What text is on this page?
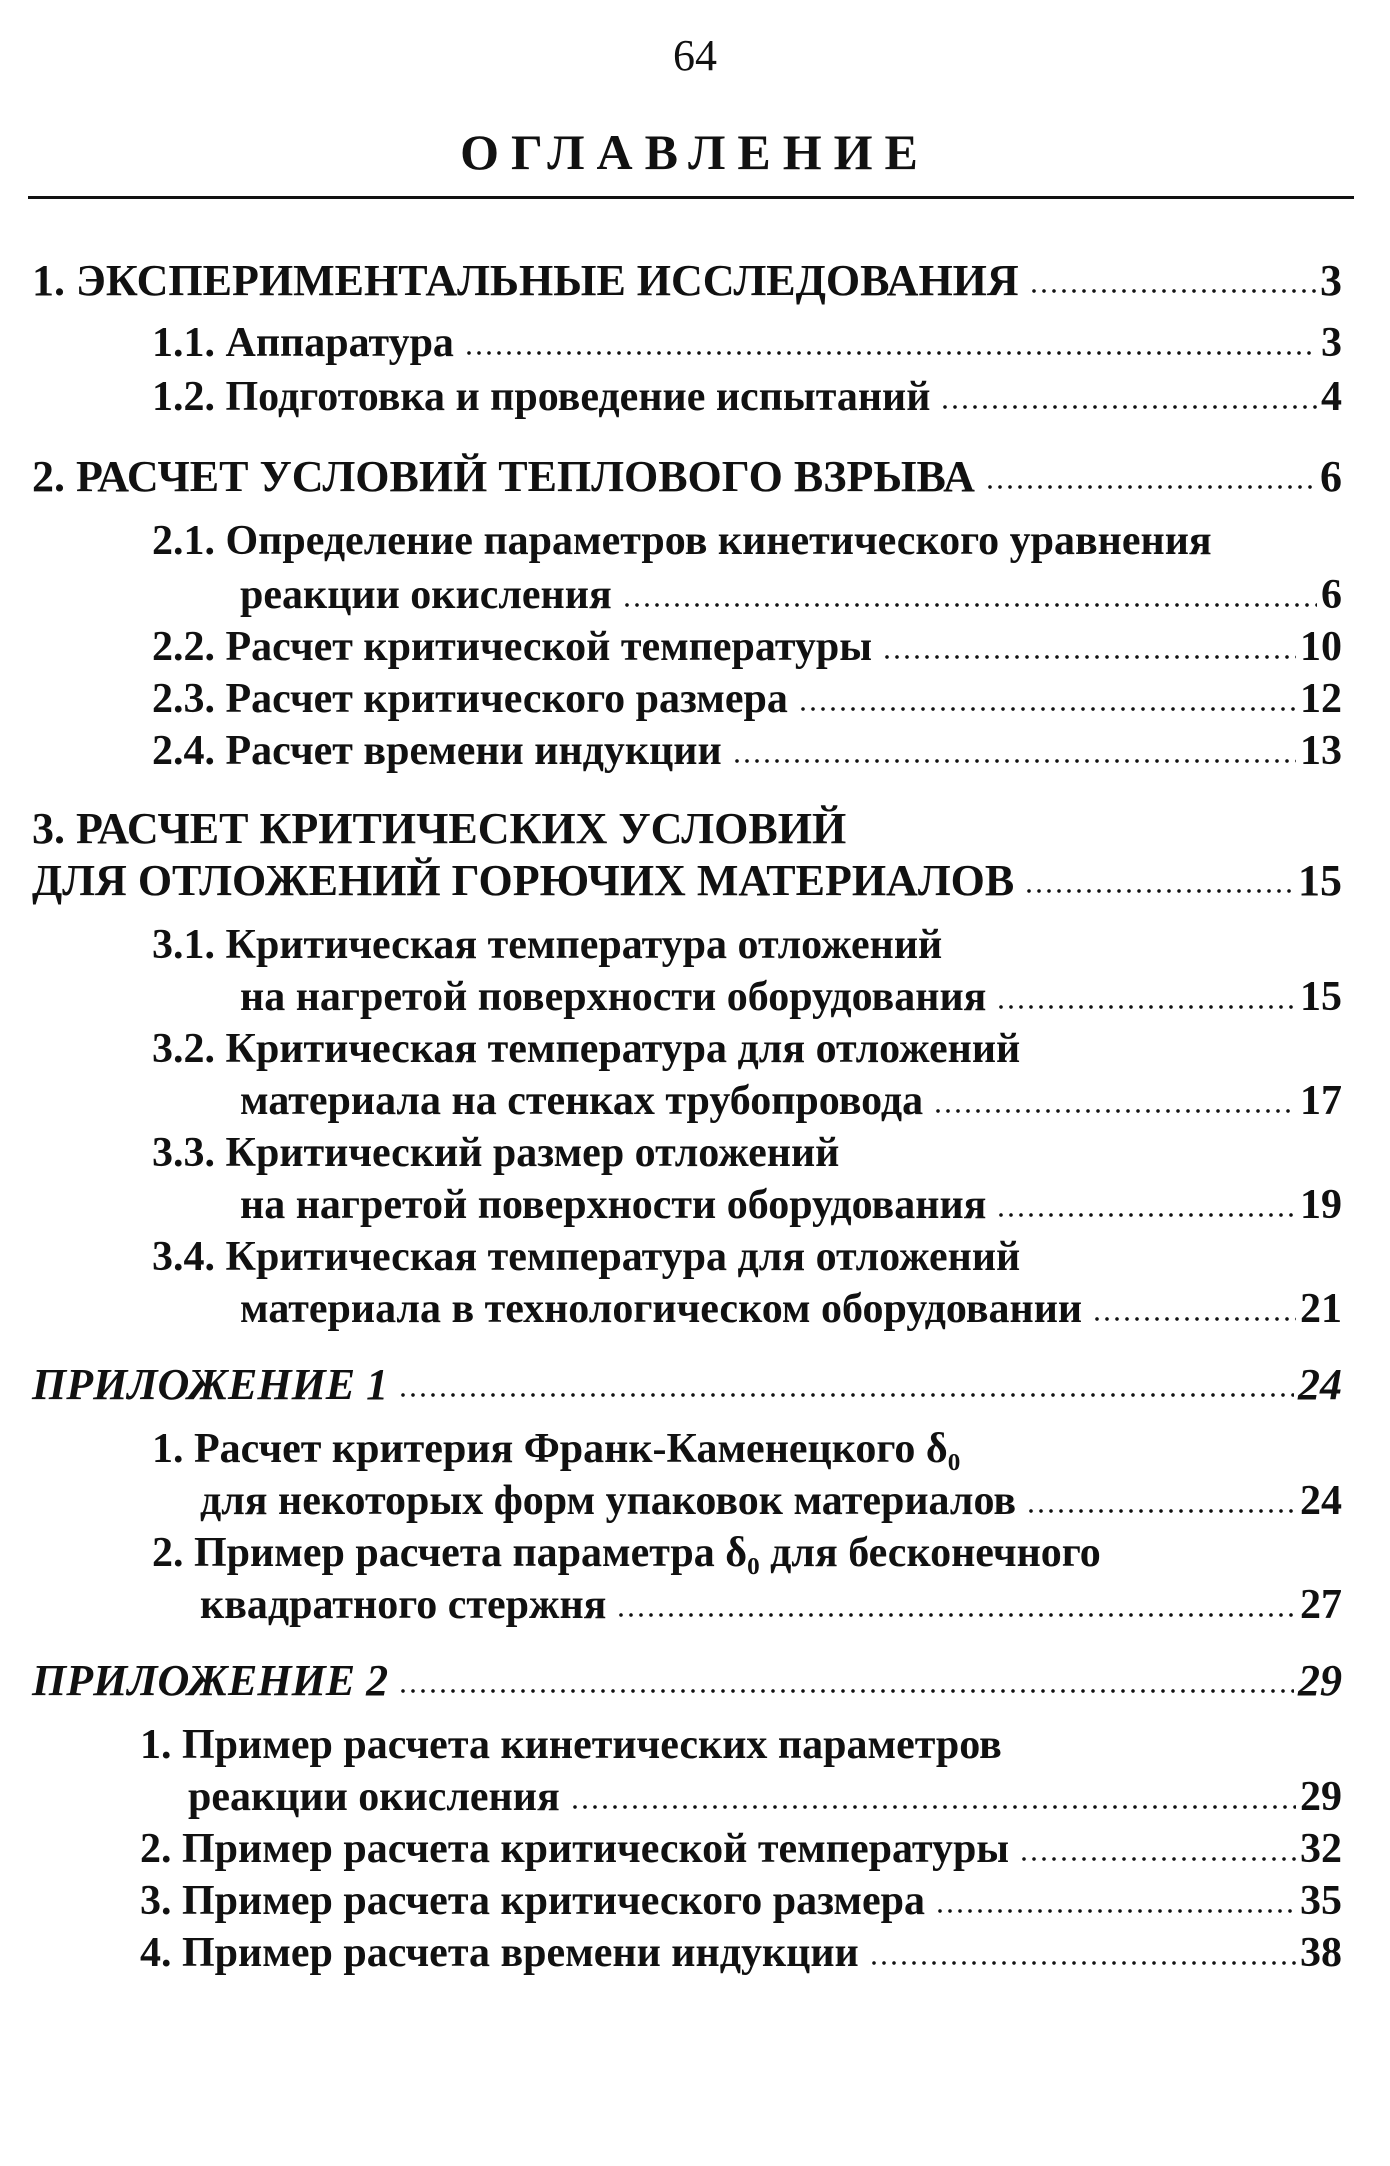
64
ОГЛАВЛЕНИЕ
1. ЭКСПЕРИМЕНТАЛЬНЫЕ ИССЛЕДОВАНИЯ	3
1.1. Аппаратура	3
1.2. Подготовка и проведение испытаний	4
2. РАСЧЕТ УСЛОВИЙ ТЕПЛОВОГО ВЗРЫВА	6
2.1. Определение параметров кинетического уравнения
реакции окисления	6
2.2. Расчет критической температуры	10
2.3. Расчет критического размера	12
2.4. Расчет времени индукции	13
3. РАСЧЕТ КРИТИЧЕСКИХ УСЛОВИЙ
ДЛЯ ОТЛОЖЕНИЙ ГОРЮЧИХ МАТЕРИАЛОВ	15
3.1. Критическая температура отложений
на нагретой поверхности оборудования	15
3.2. Критическая температура для отложений
материала на стенках трубопровода	17
3.3. Критический размер отложений
на нагретой поверхности оборудования	19
3.4. Критическая температура для отложений
материала в технологическом оборудовании	21
ПРИЛОЖЕНИЕ 1	24
1. Расчет критерия Франк-Каменецкого δ₀
для некоторых форм упаковок материалов	24
2. Пример расчета параметра δ₀ для бесконечного
квадратного стержня	27
ПРИЛОЖЕНИЕ 2	29
1. Пример расчета кинетических параметров
реакции окисления	29
2. Пример расчета критической температуры	32
3. Пример расчета критического размера	35
4. Пример расчета времени индукции	38
